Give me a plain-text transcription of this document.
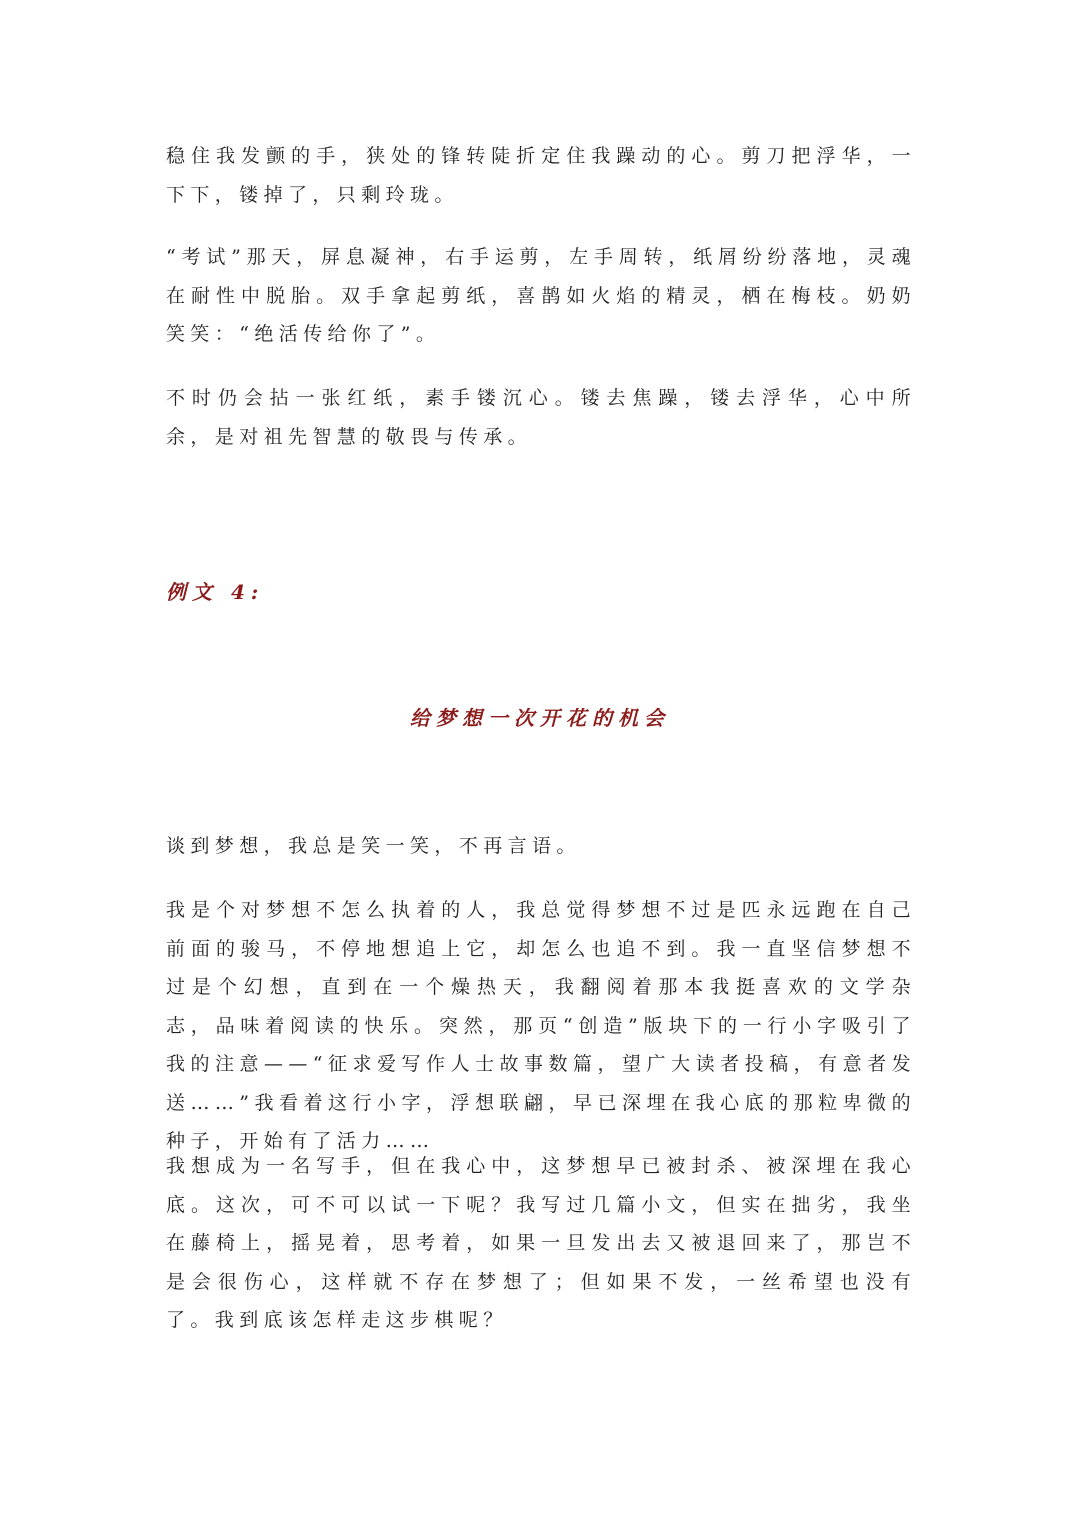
稳住我发颤的手，狭处的锋转陡折定住我躁动的心。剪刀把浮华，一下下，镂掉了，只剩玲珑。

“考试”那天，屏息凝神，右手运剪，左手周转，纸屑纷纷落地，灵魂在耐性中脱胎。双手拿起剪纸，喜鹊如火焰的精灵，栖在梅枝。奶奶笑笑：“绝活传给你了”。

不时仍会拈一张红纸，素手镂沉心。镂去焦躁，镂去浮华，心中所余，是对祖先智慧的敬畏与传承。

例文 4:
给梦想一次开花的机会

谈到梦想，我总是笑一笑，不再言语。

我是个对梦想不怎么执着的人，我总觉得梦想不过是匹永远跑在自己前面的骏马，不停地想追上它，却怎么也追不到。我一直坚信梦想不过是个幻想，直到在一个燥热天，我翻阅着那本我挺喜欢的文学杂志，品味着阅读的快乐。突然，那页“创造”版块下的一行小字吸引了我的注意——“征求爱写作人士故事数篇，望广大读者投稿，有意者发送……”我看着这行小字，浮想联翩，早已深埋在我心底的那粒卑微的种子，开始有了活力……

我想成为一名写手，但在我心中，这梦想早已被封杀、被深埋在我心底。这次，可不可以试一下呢？我写过几篇小文，但实在拙劣，我坐在藤椅上，摇晃着，思考着，如果一旦发出去又被退回来了，那岂不是会很伤心，这样就不存在梦想了；但如果不发，一丝希望也没有了。我到底该怎样走这步棋呢？
